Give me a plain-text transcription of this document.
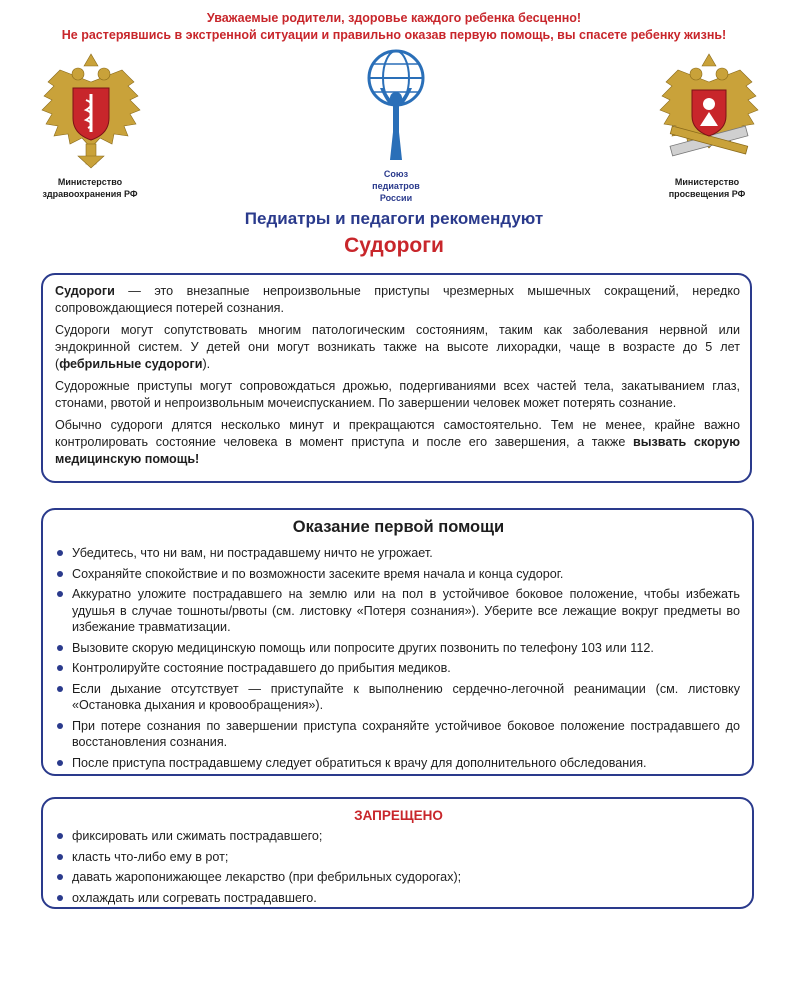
Уважаемые родители, здоровье каждого ребенка бесценно!
Не растерявшись в экстренной ситуации и правильно оказав первую помощь, вы спасете ребенку жизнь!
Министерство
здравоохранения РФ
Союз
педиатров
России
Министерство
просвещения РФ
Педиатры и педагоги рекомендуют
Судороги

Судороги — это внезапные непроизвольные приступы чрезмерных мышечных сокращений, нередко сопровождающиеся потерей сознания.

Судороги могут сопутствовать многим патологическим состояниям, таким как заболевания нервной или эндокринной систем. У детей они могут возникать также на высоте лихорадки, чаще в возрасте до 5 лет (фебрильные судороги).

Судорожные приступы могут сопровождаться дрожью, подергиваниями всех частей тела, закатыванием глаз, стонами, рвотой и непроизвольным мочеиспусканием. По завершении человек может потерять сознание.

Обычно судороги длятся несколько минут и прекращаются самостоятельно. Тем не менее, крайне важно контролировать состояние человека в момент приступа и после его завершения, а также вызвать скорую медицинскую помощь!

Оказание первой помощи
Убедитесь, что ни вам, ни пострадавшему ничто не угрожает.
Сохраняйте спокойствие и по возможности засеките время начала и конца судорог.
Аккуратно уложите пострадавшего на землю или на пол в устойчивое боковое положение, чтобы избежать удушья в случае тошноты/рвоты (см. листовку «Потеря сознания»). Уберите все лежащие вокруг предметы во избежание травматизации.
Вызовите скорую медицинскую помощь или попросите других позвонить по телефону 103 или 112.
Контролируйте состояние пострадавшего до прибытия медиков.
Если дыхание отсутствует — приступайте к выполнению сердечно-легочной реанимации (см. листовку «Остановка дыхания и кровообращения»).
При потере сознания по завершении приступа сохраняйте устойчивое боковое положение пострадавшего до восстановления сознания.
После приступа пострадавшему следует обратиться к врачу для дополнительного обследования.
ЗАПРЕЩЕНО
фиксировать или сжимать пострадавшего;
класть что-либо ему в рот;
давать жаропонижающее лекарство (при фебрильных судорогах);
охлаждать или согревать пострадавшего.
